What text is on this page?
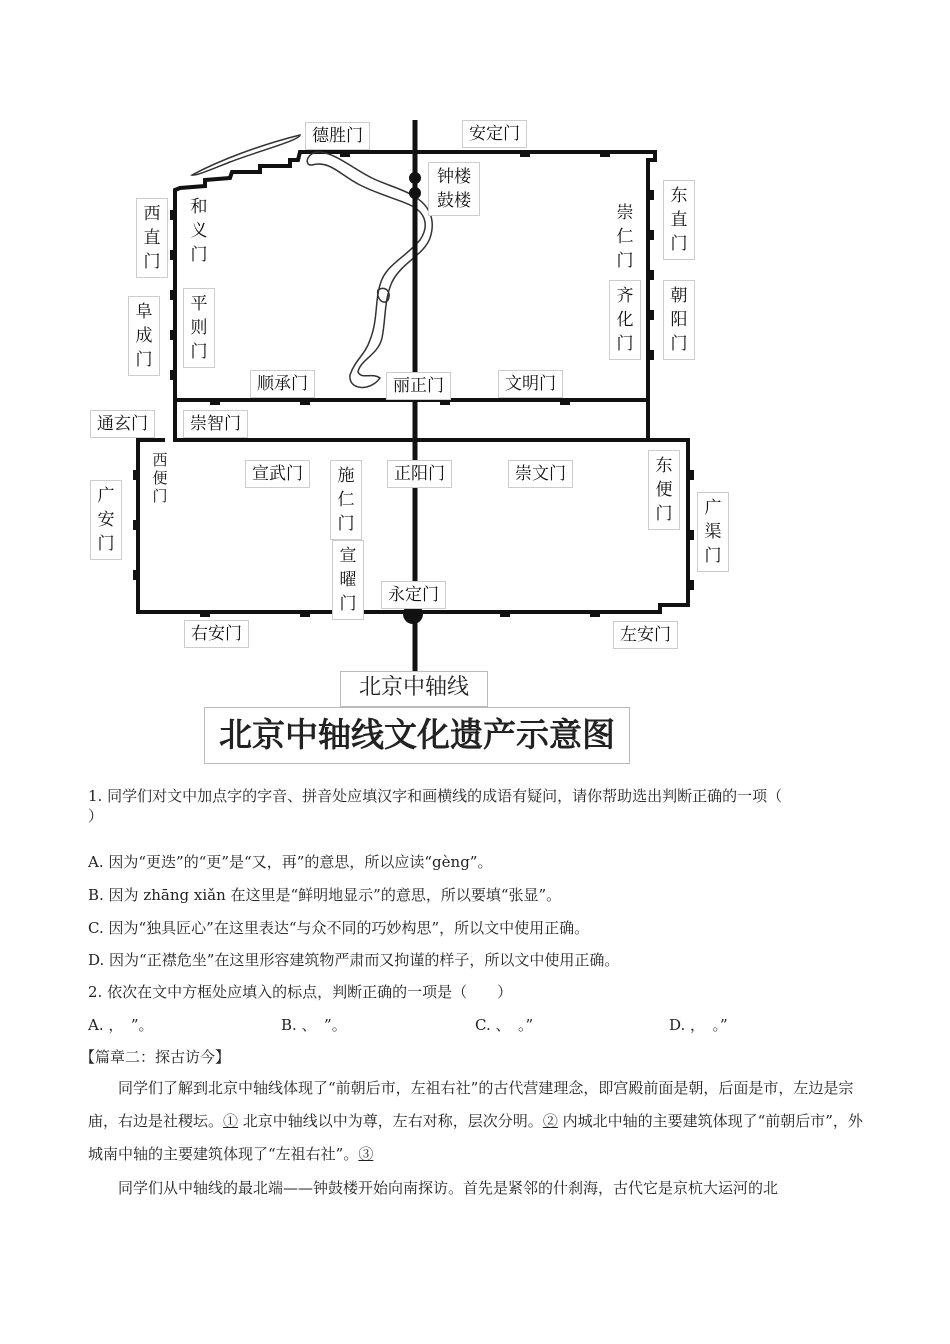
德胜门	安定门
钟楼
鼓楼	东直门
崇仁门
齐化门
朝阳门
和义门
西直门
平则门
阜成门
顺承门	丽正门	文明门
通玄门	崇智门
西便门
宣武门	施仁门
正阳门	崇文门	东便门
广安门
广渠门
宣曜门	永定门
右安门	左安门
北京中轴线
北京中轴线文化遗产示意图
1. 同学们对文中加点字的字音、拼音处应填汉字和画横线的成语有疑问，请你帮助选出判断正确的一项（
）
A. 因为“更迭”的“更”是“又，再”的意思，所以应读“gèng”。
B. 因为 zhāng xiǎn 在这里是“鲜明地显示”的意思，所以要填“张显”。
C. 因为“独具匠心”在这里表达“与众不同的巧妙构思”，所以文中使用正确。
D. 因为“正襟危坐”在这里形容建筑物严肃而又拘谨的样子，所以文中使用正确。
2. 依次在文中方框处应填入的标点，判断正确的一项是（　　）
A. ，　”。	B. 、　”。	C. 、　。”	D. ，　。”
【篇章二：探古访今】
同学们了解到北京中轴线体现了“前朝后市，左祖右社”的古代营建理念，即宫殿前面是朝，后面是市，左边是宗庙，右边是社稷坛。① 北京中轴线以中为尊，左右对称，层次分明。② 内城北中轴的主要建筑体现了“前朝后市”，外城南中轴的主要建筑体现了“左祖右社”。③
同学们从中轴线的最北端——钟鼓楼开始向南探访。首先是紧邻的什刹海，古代它是京杭大运河的北
